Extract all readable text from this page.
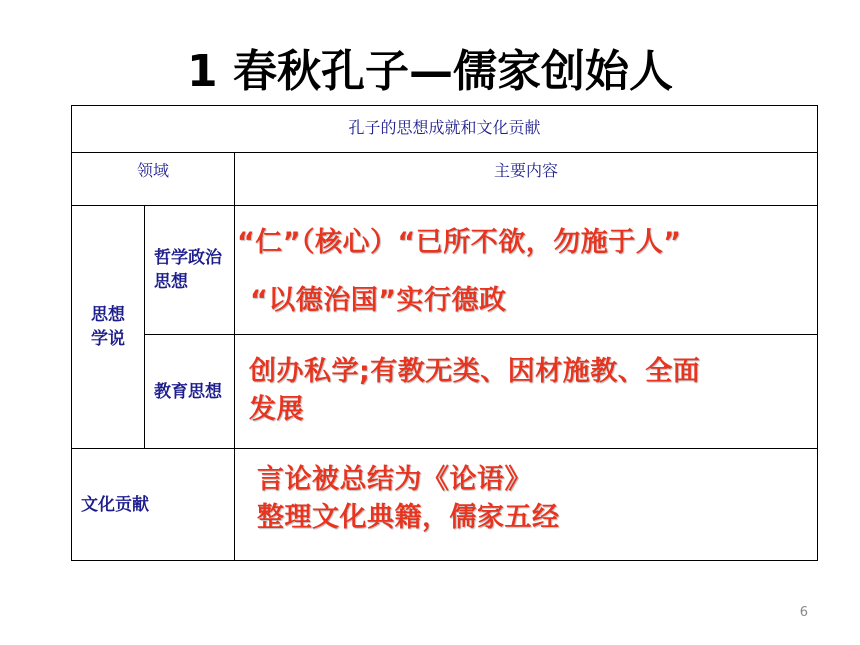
1 春秋孔子—儒家创始人
孔子的思想成就和文化贡献		

领域		主要内容

思想学说	哲学政治思想	“仁”（核心）“已所不欲，勿施于人”
“以德治国”实行德政

	教育思想	创办私学;有教无类、因材施教、全面
发展

文化贡献		言论被总结为《论语》
整理文化典籍，儒家五经
6
